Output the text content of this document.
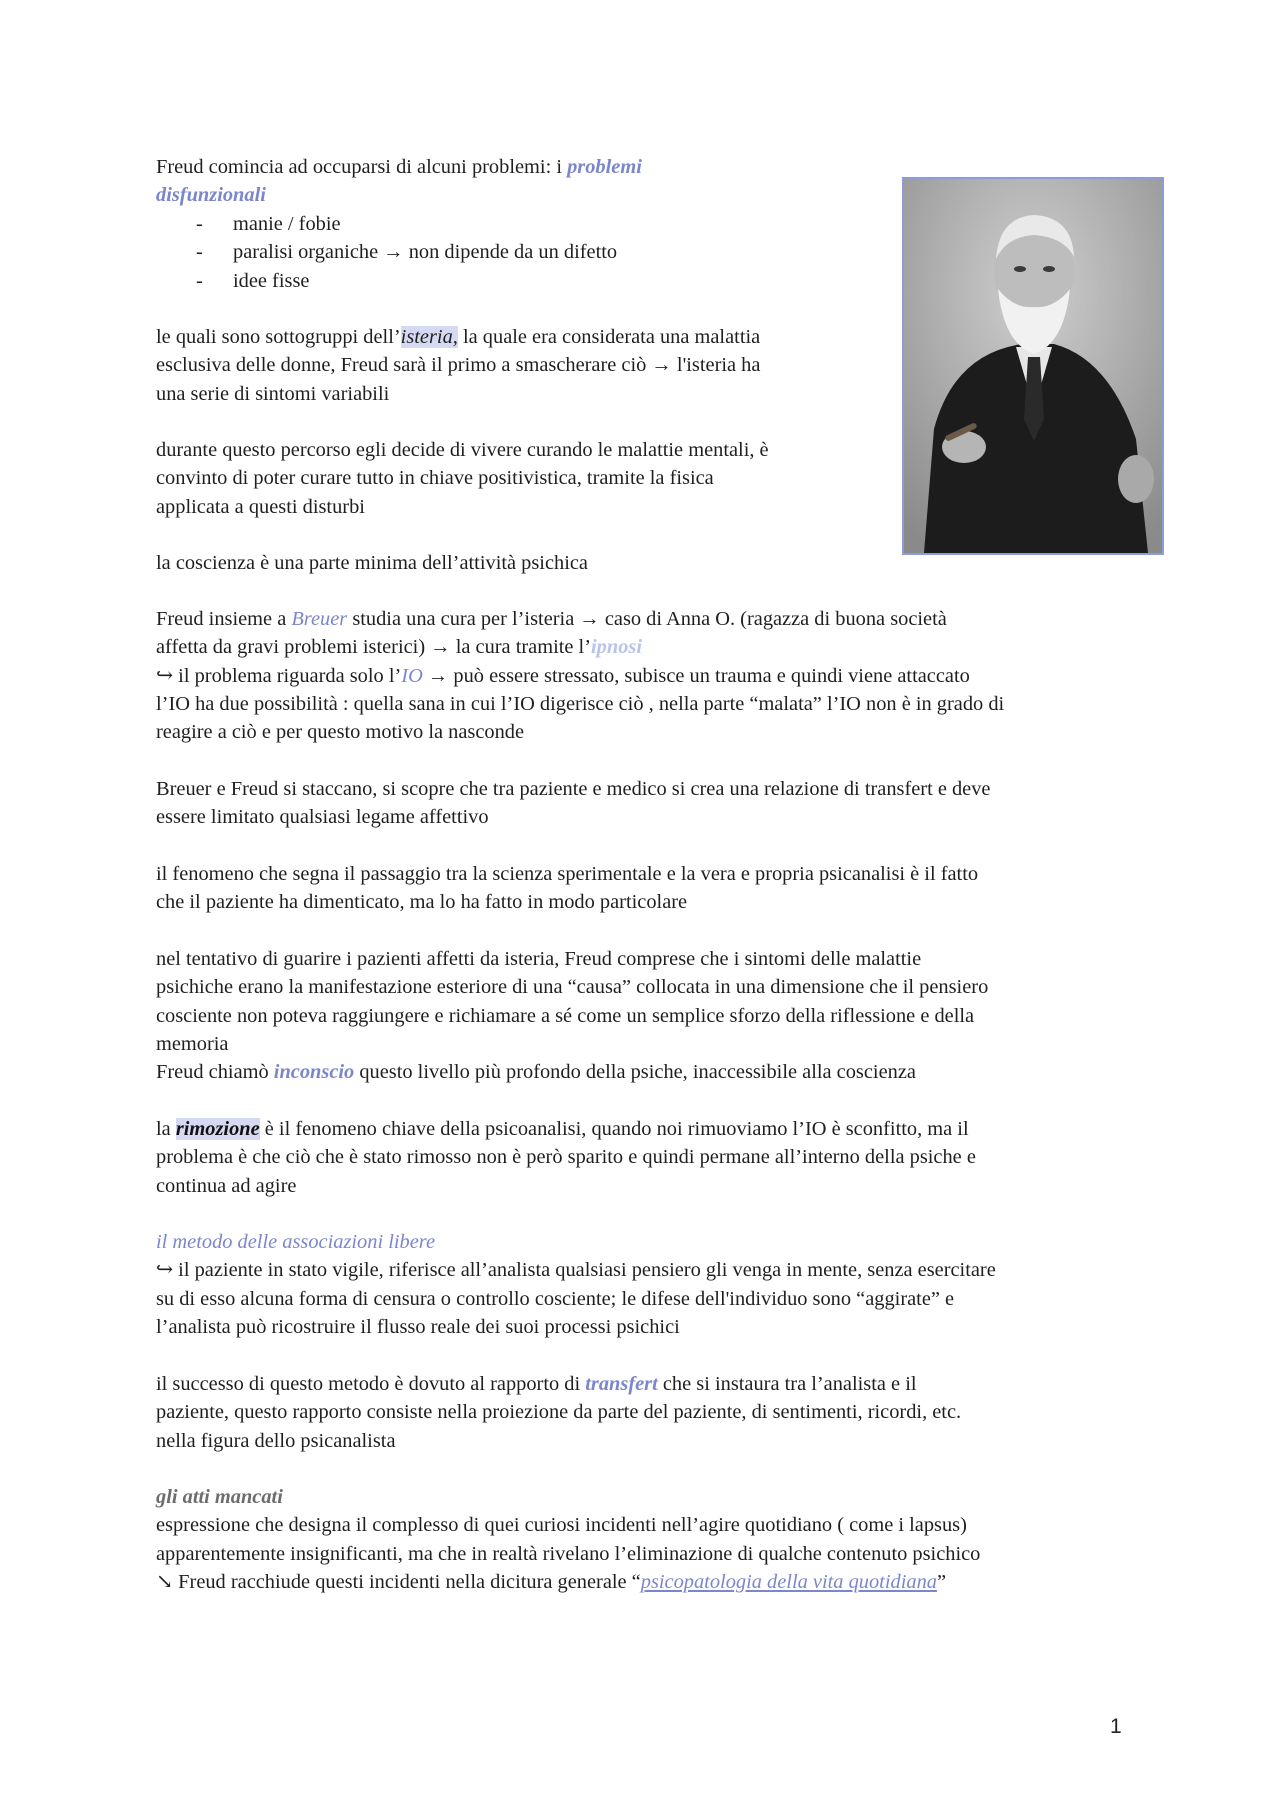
Freud comincia ad occuparsi di alcuni problemi: i problemi

disfunzionali

- manie / fobie
- paralisi organiche → non dipende da un difetto
- idee fisse

le quali sono sottogruppi dell’isteria, la quale era considerata una malattia

esclusiva delle donne, Freud sarà il primo a smascherare ciò → l'isteria ha

una serie di sintomi variabili

durante questo percorso egli decide di vivere curando le malattie mentali, è

convinto di poter curare tutto in chiave positivistica, tramite la fisica

applicata a questi disturbi

la coscienza è una parte minima dell’attività psichica

Freud insieme a Breuer studia una cura per l’isteria → caso di Anna O. (ragazza di buona società

affetta da gravi problemi isterici) → la cura tramite l’ipnosi

↪ il problema riguarda solo l’IO → può essere stressato, subisce un trauma e quindi viene attaccato

l’IO ha due possibilità : quella sana in cui l’IO digerisce ciò , nella parte “malata” l’IO non è in grado di

reagire a ciò e per questo motivo la nasconde

Breuer e Freud si staccano, si scopre che tra paziente e medico si crea una relazione di transfert e deve

essere limitato qualsiasi legame affettivo

il fenomeno che segna il passaggio tra la scienza sperimentale e la vera e propria psicanalisi è il fatto

che il paziente ha dimenticato, ma lo ha fatto in modo particolare

nel tentativo di guarire i pazienti affetti da isteria, Freud comprese che i sintomi delle malattie

psichiche erano la manifestazione esteriore di una “causa” collocata in una dimensione che il pensiero

cosciente non poteva raggiungere e richiamare a sé come un semplice sforzo della riflessione e della

memoria

Freud chiamò inconscio questo livello più profondo della psiche, inaccessibile alla coscienza

la rimozione è il fenomeno chiave della psicoanalisi, quando noi rimuoviamo l’IO è sconfitto, ma il

problema è che ciò che è stato rimosso non è però sparito e quindi permane all’interno della psiche e

continua ad agire

il metodo delle associazioni libere

↪ il paziente in stato vigile, riferisce all’analista qualsiasi pensiero gli venga in mente, senza esercitare

su di esso alcuna forma di censura o controllo cosciente; le difese dell'individuo sono “aggirate” e

l’analista può ricostruire il flusso reale dei suoi processi psichici

il successo di questo metodo è dovuto al rapporto di transfert che si instaura tra l’analista e il

paziente, questo rapporto consiste nella proiezione da parte del paziente, di sentimenti, ricordi, etc.

nella figura dello psicanalista

gli atti mancati

espressione che designa il complesso di quei curiosi incidenti nell’agire quotidiano ( come i lapsus)

apparentemente insignificanti, ma che in realtà rivelano l’eliminazione di qualche contenuto psichico

↘ Freud racchiude questi incidenti nella dicitura generale “psicopatologia della vita quotidiana”

1
